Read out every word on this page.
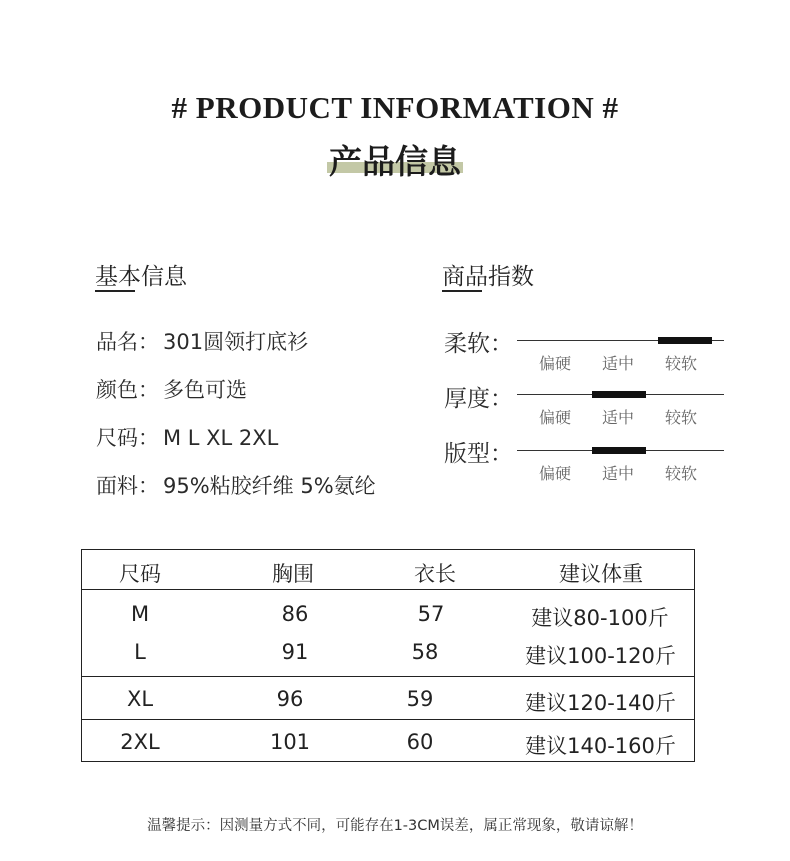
# PRODUCT INFORMATION #
产品信息
基本信息
品名： 301圆领打底衫
颜色： 多色可选
尺码： M L XL 2XL
面料： 95%粘胶纤维 5%氨纶
商品指数
柔软：
偏硬 适中 较软
厚度：
偏硬 适中 较软
版型：
偏硬 适中 较软
尺码	胸围	衣长	建议体重
M	86	57	建议80-100斤
L	91	58	建议100-120斤
XL	96	59	建议120-140斤
2XL	101	60	建议140-160斤
温馨提示：因测量方式不同，可能存在1-3CM误差，属正常现象，敬请谅解！
